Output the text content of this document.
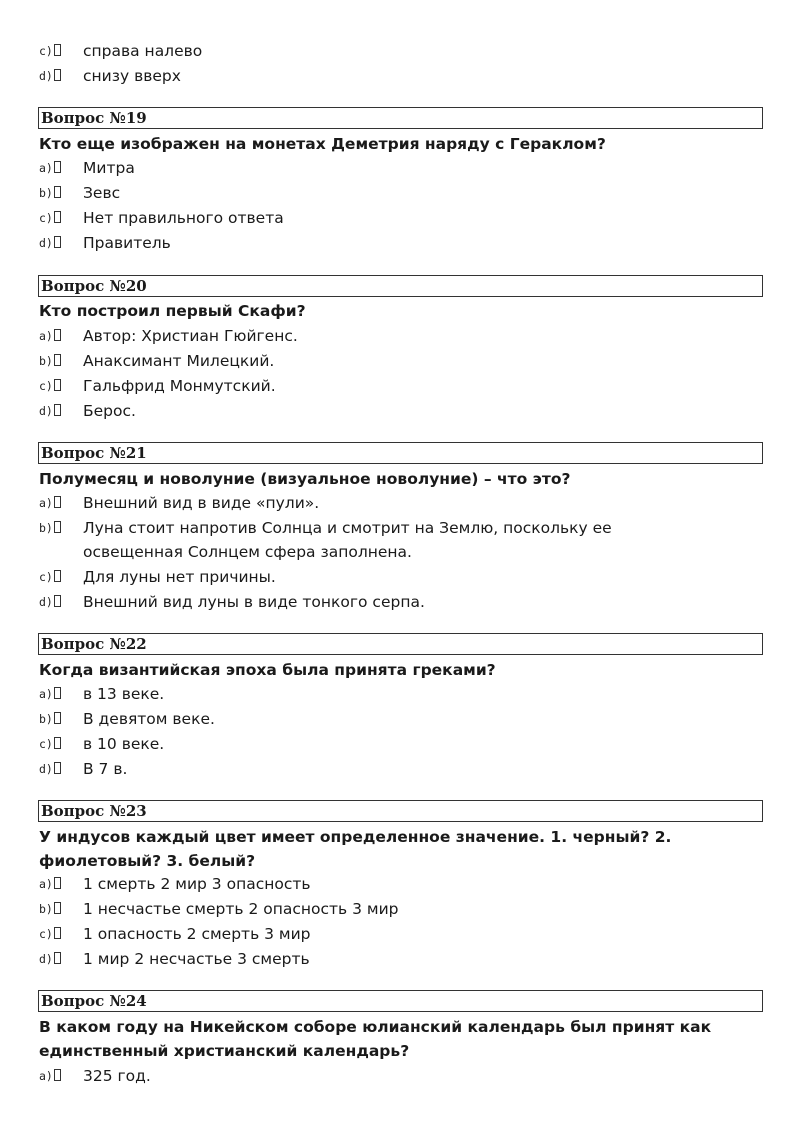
c)	справа налево
d)	снизу вверх
Вопрос №19
Кто еще изображен на монетах Деметрия наряду с Гераклом?
a)	Митра
b)	Зевс
c)	Нет правильного ответа
d)	Правитель
Вопрос №20
Кто построил первый Скафи?
a)	Автор: Христиан Гюйгенс.
b)	Анаксимант Милецкий.
c)	Гальфрид Монмутский.
d)	Берос.
Вопрос №21
Полумесяц и новолуние (визуальное новолуние) – что это?
a)	Внешний вид в виде «пули».
b)	Луна стоит напротив Солнца и смотрит на Землю, поскольку ее освещенная Солнцем сфера заполнена.
c)	Для луны нет причины.
d)	Внешний вид луны в виде тонкого серпа.
Вопрос №22
Когда византийская эпоха была принята греками?
a)	в 13 веке.
b)	В девятом веке.
c)	в 10 веке.
d)	В 7 в.
Вопрос №23
У индусов каждый цвет имеет определенное значение. 1. черный? 2. фиолетовый? 3. белый?
a)	1 смерть 2 мир 3 опасность
b)	1 несчастье смерть 2 опасность 3 мир
c)	1 опасность 2 смерть 3 мир
d)	1 мир 2 несчастье 3 смерть
Вопрос №24
В каком году на Никейском соборе юлианский календарь был принят как единственный христианский календарь?
a)	325 год.
